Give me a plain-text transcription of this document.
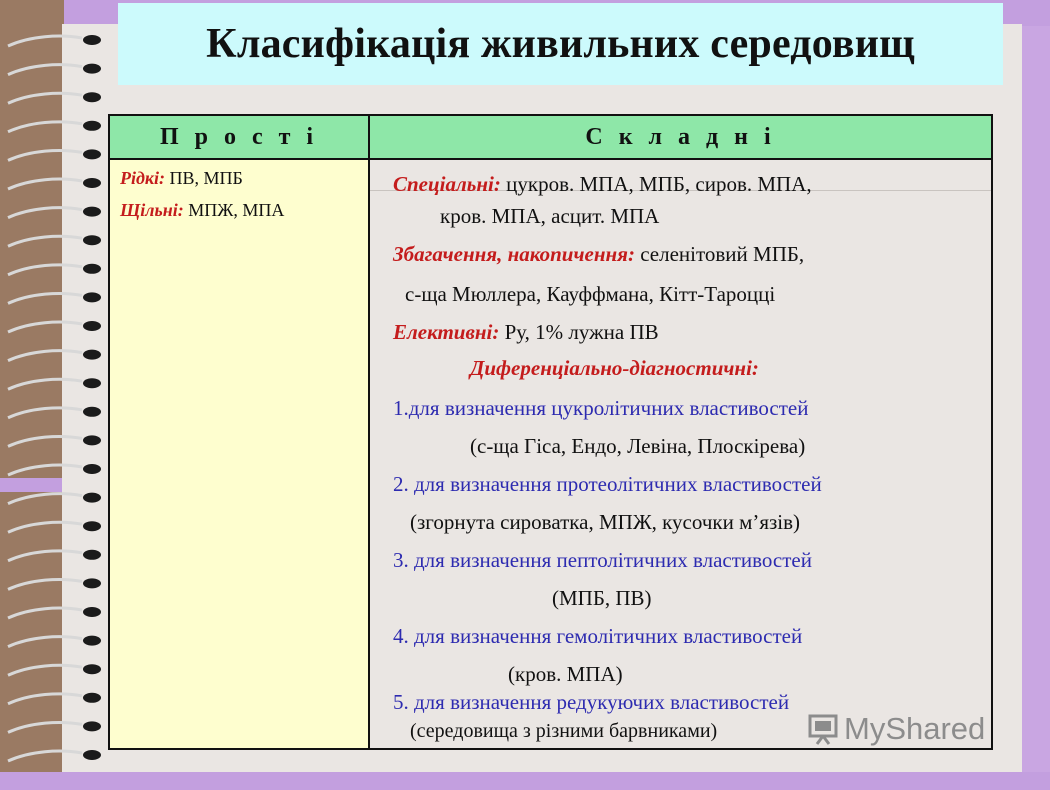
Класифікація живильних середовищ
П р о с т і	С к л а д н і
Рідкі: ПВ, МПБ
Щільні: МПЖ, МПА
Спеціальні: цукров. МПА, МПБ, сиров. МПА,
кров. МПА, асцит. МПА
Збагачення, накопичення: селенітовий МПБ,
с-ща Мюллера, Кауффмана, Кітт-Тароцці
Елективні: Ру, 1% лужна ПВ
Диференціально-діагностичні:
1.для визначення цукролітичних властивостей
(с-ща Гіса, Ендо, Левіна, Плоскірева)
2. для визначення протеолітичних властивостей
(згорнута сироватка, МПЖ, кусочки м’язів)
3. для визначення пептолітичних властивостей
(МПБ, ПВ)
4. для визначення гемолітичних властивостей
(кров. МПА)
5. для визначення редукуючих властивостей
(середовища з різними барвниками)	MyShared
